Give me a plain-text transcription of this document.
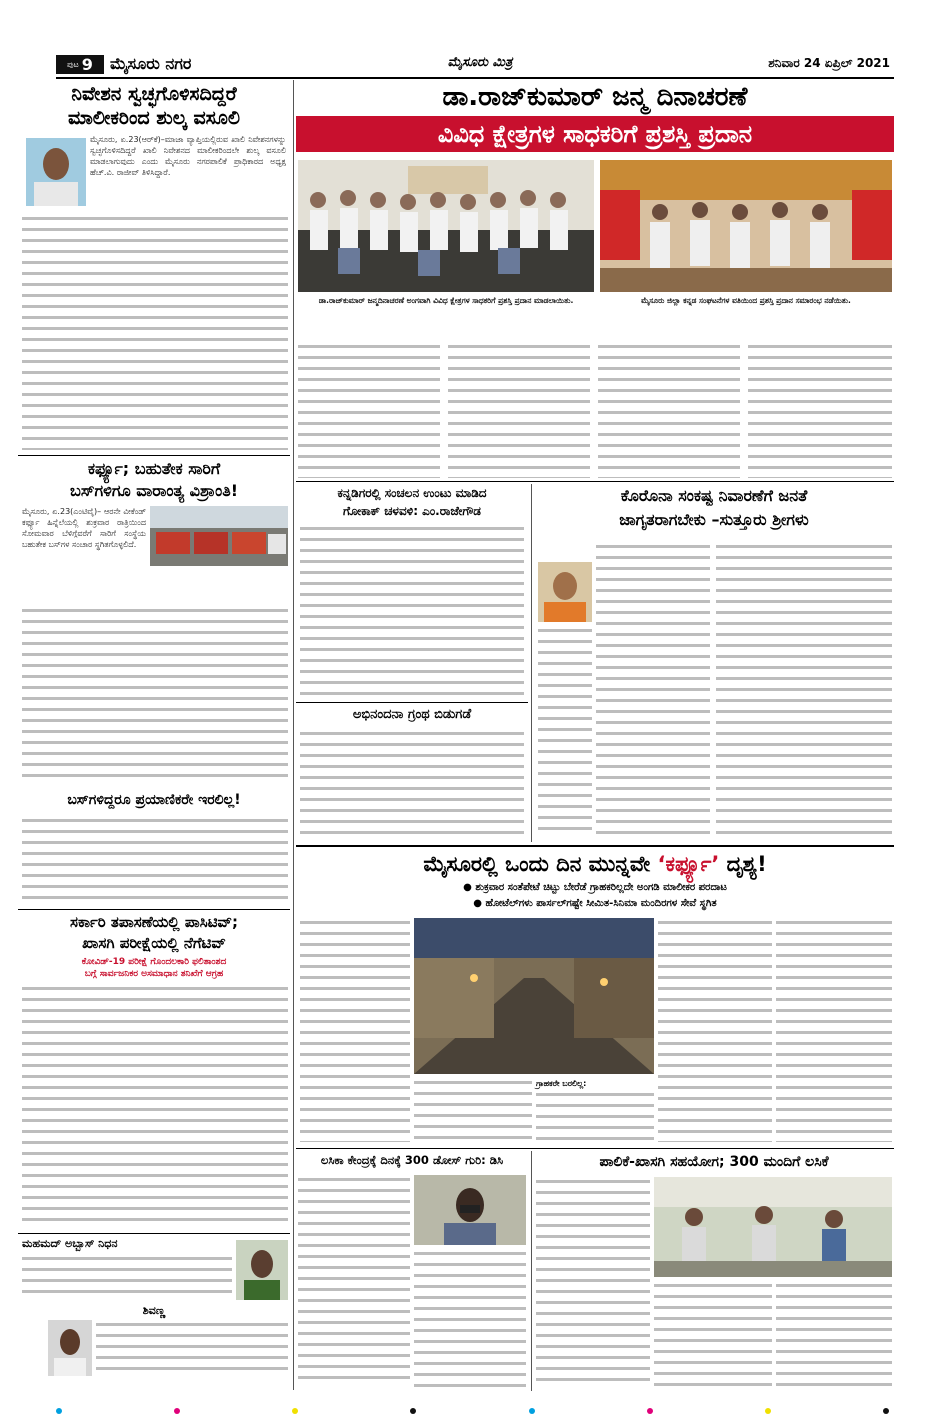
ಪುಟ 9 ಮೈಸೂರು ನಗರ	ಮೈಸೂರು ಮಿತ್ರ	ಶನಿವಾರ 24 ಏಪ್ರಿಲ್ 2021
ನಿವೇಶನ ಸ್ವಚ್ಛಗೊಳಿಸದಿದ್ದರೆ
ಮಾಲೀಕರಿಂದ ಶುಲ್ಕ ವಸೂಲಿ
ಮೈಸೂರು, ಏ.23(ಆರ್‌ಕೆ)–ಮಾಜಾ ವ್ಯಾಪ್ತಿಯಲ್ಲಿರುವ ಖಾಲಿ ನಿವೇಶನಗಳನ್ನು ಸ್ವಚ್ಛಗೊಳಿಸದಿದ್ದರೆ ಖಾಲಿ ನಿವೇಶನದ ಮಾಲೀಕರಿಂದಲೇ ಶುಲ್ಕ ವಸೂಲಿ ಮಾಡಲಾಗುವುದು ಎಂದು ಮೈಸೂರು ನಗರಪಾಲಿಕೆ ಪ್ರಾಧಿಕಾರದ ಅಧ್ಯಕ್ಷ ಹೆಚ್.ವಿ. ರಾಜೀವ್ ತಿಳಿಸಿದ್ದಾರೆ.
ಕರ್ಫ್ಯೂ; ಬಹುತೇಕ ಸಾರಿಗೆ
ಬಸ್‌ಗಳಿಗೂ ವಾರಾಂತ್ಯ ವಿಶ್ರಾಂತಿ!
ಮೈಸೂರು, ಏ.23(ಎಂಟಿವೈ)– ಆರನೇ ವೀಕೆಂಡ್ ಕರ್ಫ್ಯೂ ಹಿನ್ನೆಲೆಯಲ್ಲಿ ಶುಕ್ರವಾರ ರಾತ್ರಿಯಿಂದ ಸೋಮವಾರ ಬೆಳಿಗ್ಗೆವರೆಗೆ ಸಾರಿಗೆ ಸಂಸ್ಥೆಯ ಬಹುತೇಕ ಬಸ್‌ಗಳ ಸಂಚಾರ ಸ್ಥಗಿತಗೊಳ್ಳಲಿದೆ.
ಬಸ್‌ಗಳಿದ್ದರೂ ಪ್ರಯಾಣಿಕರೇ ಇರಲಿಲ್ಲ!
ಸರ್ಕಾರಿ ತಪಾಸಣೆಯಲ್ಲಿ ಪಾಸಿಟಿವ್;
ಖಾಸಗಿ ಪರೀಕ್ಷೆಯಲ್ಲಿ ನೆಗೆಟಿವ್
ಕೋವಿಡ್-19 ಪರೀಕ್ಷೆ ಗೊಂದಲಕಾರಿ ಫಲಿತಾಂಶದ
ಬಗ್ಗೆ ಸಾರ್ವಜನಿಕರ ಅಸಮಾಧಾನ ತನಿಖೆಗೆ ಆಗ್ರಹ
ಮಹಮದ್ ಅಬ್ಬಾಸ್ ನಿಧನ
ಶಿವಣ್ಣ
ಡಾ.ರಾಜ್‌ಕುಮಾರ್ ಜನ್ಮ ದಿನಾಚರಣೆ
ವಿವಿಧ ಕ್ಷೇತ್ರಗಳ ಸಾಧಕರಿಗೆ ಪ್ರಶಸ್ತಿ ಪ್ರದಾನ
ಡಾ.ರಾಜ್‌ಕುಮಾರ್ ಜನ್ಮದಿನಾಚರಣೆ ಅಂಗವಾಗಿ ವಿವಿಧ ಕ್ಷೇತ್ರಗಳ ಸಾಧಕರಿಗೆ ಪ್ರಶಸ್ತಿ ಪ್ರದಾನ ಮಾಡಲಾಯಿತು.	ಮೈಸೂರು ಜಿಲ್ಲಾ ಕನ್ನಡ ಸಂಘಟನೆಗಳ ವತಿಯಿಂದ ಪ್ರಶಸ್ತಿ ಪ್ರದಾನ ಸಮಾರಂಭ ನಡೆಯಿತು.
ಕನ್ನಡಿಗರಲ್ಲಿ ಸಂಚಲನ ಉಂಟು ಮಾಡಿದ
ಗೋಕಾಕ್ ಚಳವಳಿ: ಎಂ.ರಾಜೇಗೌಡ
ಅಭಿನಂದನಾ ಗ್ರಂಥ ಬಿಡುಗಡೆ
ಕೊರೊನಾ ಸಂಕಷ್ಟ ನಿವಾರಣೆಗೆ ಜನತೆ
ಜಾಗೃತರಾಗಬೇಕು –ಸುತ್ತೂರು ಶ್ರೀಗಳು
ಮೈಸೂರಲ್ಲಿ ಒಂದು ದಿನ ಮುನ್ನವೇ ‘ಕರ್ಫ್ಯೂ’ ದೃಶ್ಯ!
● ಶುಕ್ರವಾರ ಸಂತೆಪೇಟೆ ಚಿಟ್ಟು ಬೇರೆಡೆ ಗ್ರಾಹಕರಿಲ್ಲದೇ ಅಂಗಡಿ ಮಾಲೀಕರ ಪರದಾಟ
● ಹೋಟೆಲ್‌ಗಳು ಪಾರ್ಸಲ್‌ಗಷ್ಟೇ ಸೀಮಿತ-ಸಿನಿಮಾ ಮಂದಿರಗಳ ಸೇವೆ ಸ್ಥಗಿತ
ಗ್ರಾಹಕರೇ ಬರಲಿಲ್ಲ:
ಲಸಿಕಾ ಕೇಂದ್ರಕ್ಕೆ ದಿನಕ್ಕೆ 300 ಡೋಸ್ ಗುರಿ: ಡಿಸಿ	ಪಾಲಿಕೆ-ಖಾಸಗಿ ಸಹಯೋಗ; 300 ಮಂದಿಗೆ ಲಸಿಕೆ
